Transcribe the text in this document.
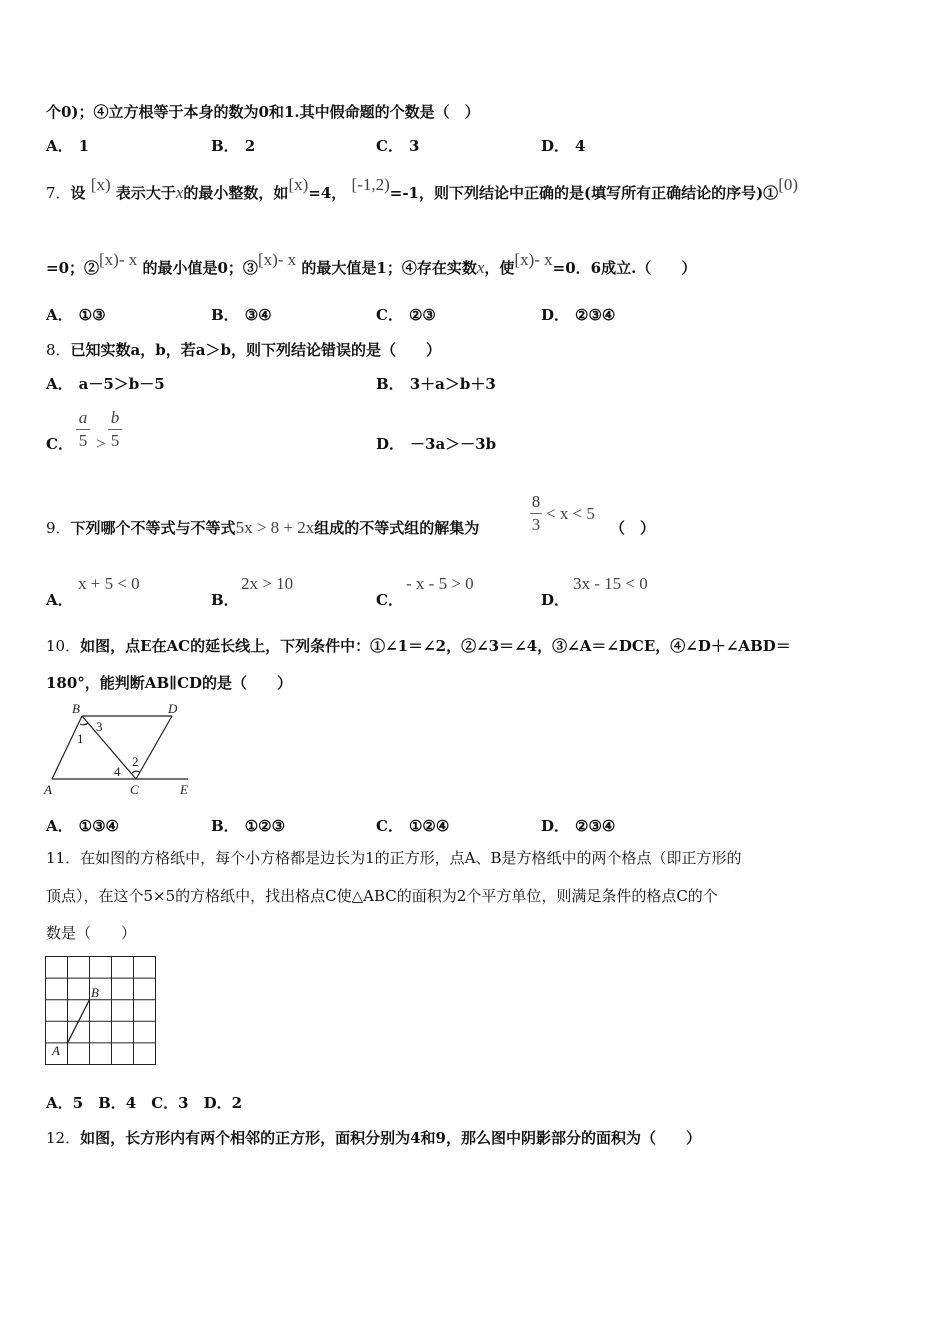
个0)；④立方根等于本身的数为0和1.其中假命题的个数是（　）
A． 1	B． 2	C． 3	D． 4
7．设 [x) 表示大于x的最小整数，如[x)=4， [-1,2)=-1，则下列结论中正确的是(填写所有正确结论的序号)①[0)
=0；②[x)- x 的最小值是0；③[x)- x 的最大值是1；④存在实数x，使[x)- x=0．6成立.（　　）
A． ①③	B． ③④	C． ②③	D． ②③④
8．已知实数a，b，若a＞b，则下列结论错误的是（　　）
A． a－5＞b－5	B． 3＋a＞b＋3
C．
a
5 >
b
5	D． －3a＞－3b
9．下列哪个不等式与不等式5x > 8 + 2x组成的不等式组的解集为
8
3
< x < 5
（　）
A．
x + 5 < 0
B．
2x > 10
C．
- x - 5 > 0
D．
3x - 15 < 0
10．如图，点E在AC的延长线上，下列条件中：①∠1＝∠2，②∠3＝∠4，③∠A＝∠DCE，④∠D＋∠ABD＝
180°，能判断AB∥CD的是（　　）
B	D
A	C	E
1
3
4
2
A． ①③④	B． ①②③	C． ①②④	D． ②③④
11．在如图的方格纸中，每个小方格都是边长为1的正方形，点A、B是方格纸中的两个格点（即正方形的
顶点），在这个5×5的方格纸中，找出格点C使△ABC的面积为2个平方单位，则满足条件的格点C的个
数是（　　）
B
A
A．5　B．4　C．3　D．2
12．如图，长方形内有两个相邻的正方形，面积分别为4和9，那么图中阴影部分的面积为（　　）
